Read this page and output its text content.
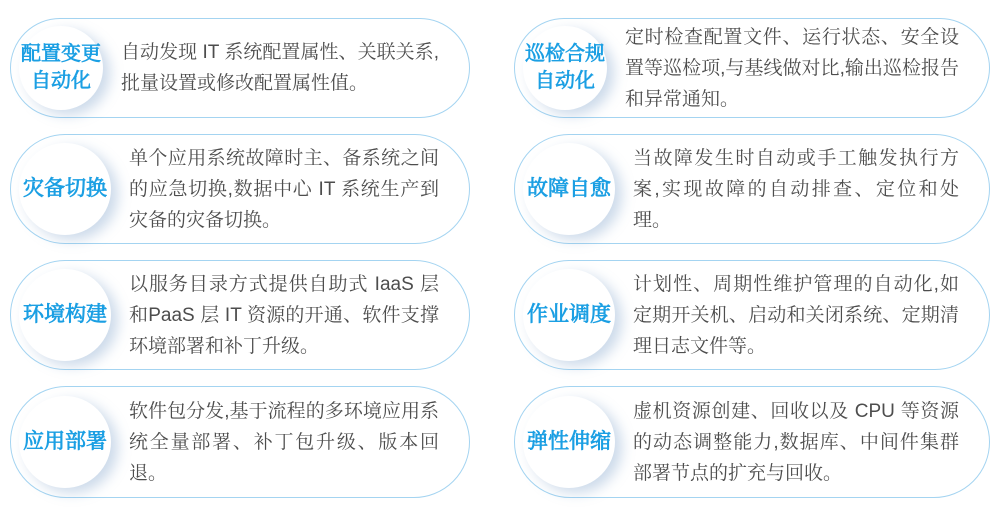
配置变更
自动化

自动发现 IT 系统配置属性、关联关系,批量设置或修改配置属性值。

巡检合规
自动化

定时检查配置文件、运行状态、安全设置等巡检项,与基线做对比,输出巡检报告和异常通知。

灾备切换

单个应用系统故障时主、备系统之间的应急切换,数据中心 IT 系统生产到灾备的灾备切换。

故障自愈

当故障发生时自动或手工触发执行方案,实现故障的自动排查、定位和处理。

环境构建

以服务目录方式提供自助式 IaaS 层和PaaS 层 IT 资源的开通、软件支撑环境部署和补丁升级。

作业调度

计划性、周期性维护管理的自动化,如定期开关机、启动和关闭系统、定期清理日志文件等。

应用部署

软件包分发,基于流程的多环境应用系统全量部署、补丁包升级、版本回退。

弹性伸缩

虚机资源创建、回收以及 CPU 等资源的动态调整能力,数据库、中间件集群部署节点的扩充与回收。
